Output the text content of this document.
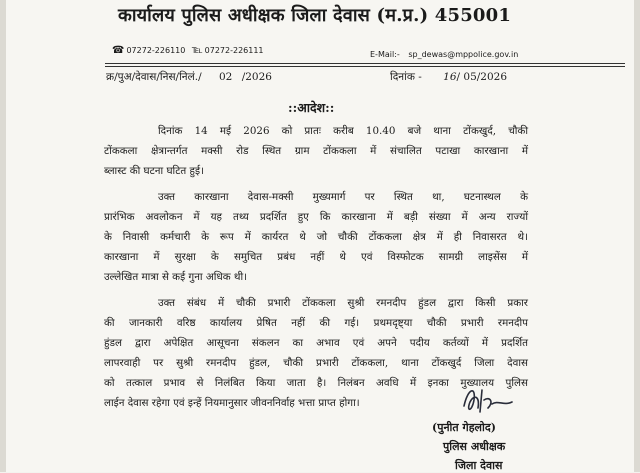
कार्यालय पुलिस अधीक्षक जिला देवास (म.प्र.) 455001
☎ 07272-226110 ℡ 07272-226111	E-Mail:- sp_dewas@mppolice.gov.in
क्र/पुअ/देवास/निस/निलं./ 02 /2026	दिनांक - 16/ 05/2026
::आदेश::
दिनांक 14 मई 2026 को प्रातः करीब 10.40 बजे थाना टोंकखुर्द, चौकी
टोंककला क्षेत्रान्तर्गत मक्सी रोड स्थित ग्राम टोंककला में संचालित पटाखा कारखाना में
ब्लास्ट की घटना घटित हुई।
उक्त कारखाना देवास-मक्सी मुख्यमार्ग पर स्थित था, घटनास्थल के
प्रारंभिक अवलोकन में यह तथ्य प्रदर्शित हुए कि कारखाना में बड़ी संख्या में अन्य राज्यों
के निवासी कर्मचारी के रूप में कार्यरत थे जो चौकी टोंककला क्षेत्र में ही निवासरत थे।
कारखाना में सुरक्षा के समुचित प्रबंध नहीं थे एवं विस्फोटक सामग्री लाइसेंस में
उल्लेखित मात्रा से कई गुना अधिक थी।
उक्त संबंध में चौकी प्रभारी टोंककला सुश्री रमनदीप हुंडल द्वारा किसी प्रकार
की जानकारी वरिष्ठ कार्यालय प्रेषित नहीं की गई। प्रथमदृष्ट्या चौकी प्रभारी रमनदीप
हुंडल द्वारा अपेक्षित आसूचना संकलन का अभाव एवं अपने पदीय कर्तव्यों में प्रदर्शित
लापरवाही पर सुश्री रमनदीप हुंडल, चौकी प्रभारी टोंककला, थाना टोंकखुर्द जिला देवास
को तत्काल प्रभाव से निलंबित किया जाता है। निलंबन अवधि में इनका मुख्यालय पुलिस
लाईन देवास रहेगा एवं इन्हें नियमानुसार जीवननिर्वाह भत्ता प्राप्त होगा।
(पुनीत गेहलोद)
पुलिस अधीक्षक
जिला देवास
